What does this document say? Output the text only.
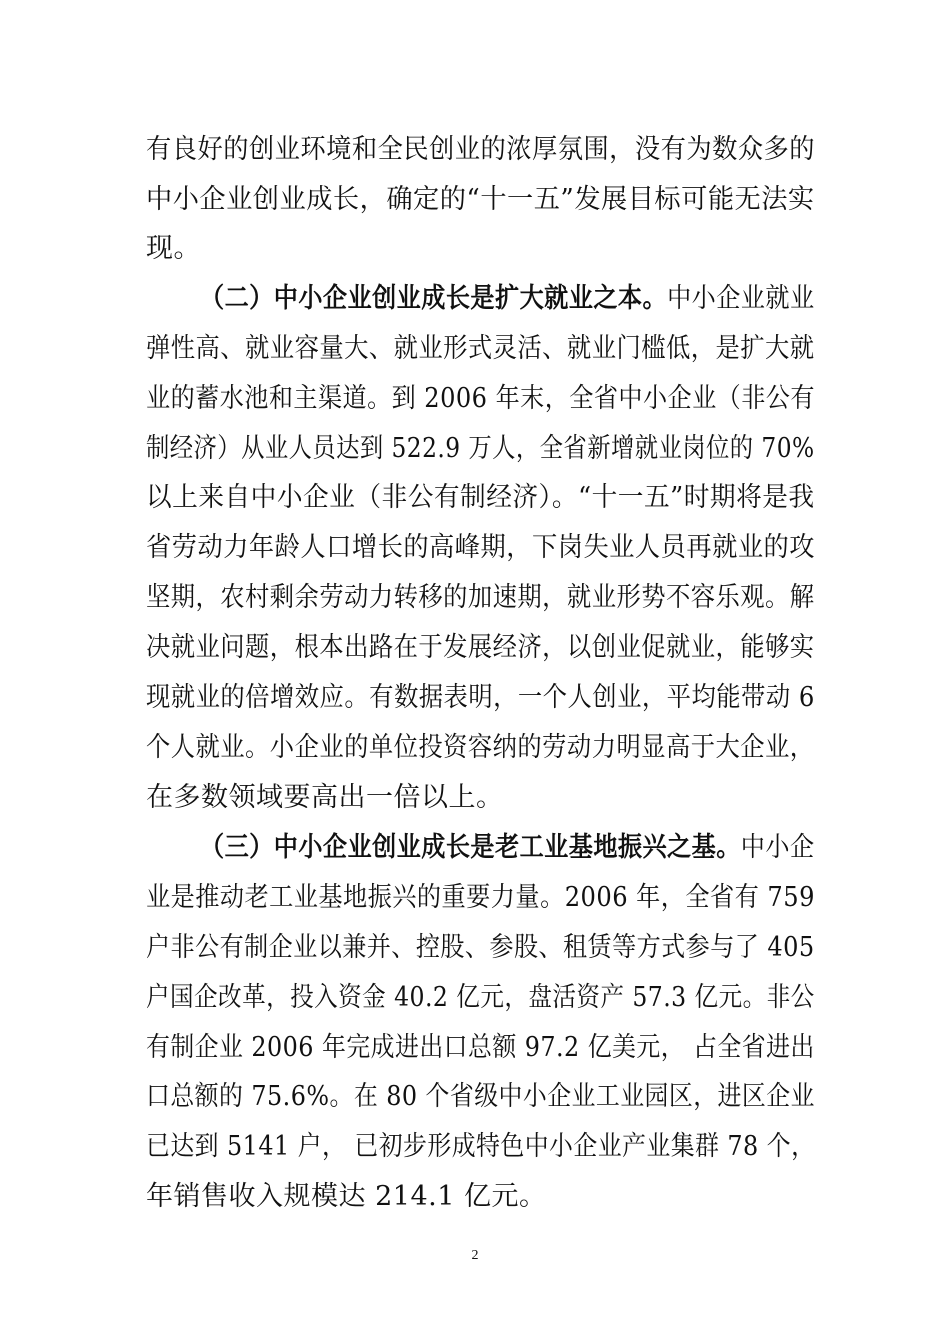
有良好的创业环境和全民创业的浓厚氛围，没有为数众多的
中小企业创业成长，确定的“十一五”发展目标可能无法实
现。
（二）中小企业创业成长是扩大就业之本。中小企业就业
弹性高、就业容量大、就业形式灵活、就业门槛低，是扩大就
业的蓄水池和主渠道。到 2006 年末，全省中小企业（非公有
制经济）从业人员达到 522.9 万人，全省新增就业岗位的 70%
以上来自中小企业（非公有制经济）。“十一五”时期将是我
省劳动力年龄人口增长的高峰期，下岗失业人员再就业的攻
坚期，农村剩余劳动力转移的加速期，就业形势不容乐观。解
决就业问题，根本出路在于发展经济，以创业促就业，能够实
现就业的倍增效应。有数据表明，一个人创业，平均能带动 6
个人就业。小企业的单位投资容纳的劳动力明显高于大企业，
在多数领域要高出一倍以上。
（三）中小企业创业成长是老工业基地振兴之基。中小企
业是推动老工业基地振兴的重要力量。2006 年，全省有 759
户非公有制企业以兼并、控股、参股、租赁等方式参与了 405
户国企改革，投入资金 40.2 亿元，盘活资产 57.3 亿元。非公
有制企业 2006 年完成进出口总额 97.2 亿美元， 占全省进出
口总额的 75.6%。在 80 个省级中小企业工业园区，进区企业
已达到 5141 户， 已初步形成特色中小企业产业集群 78 个，
年销售收入规模达 214.1 亿元。
2
